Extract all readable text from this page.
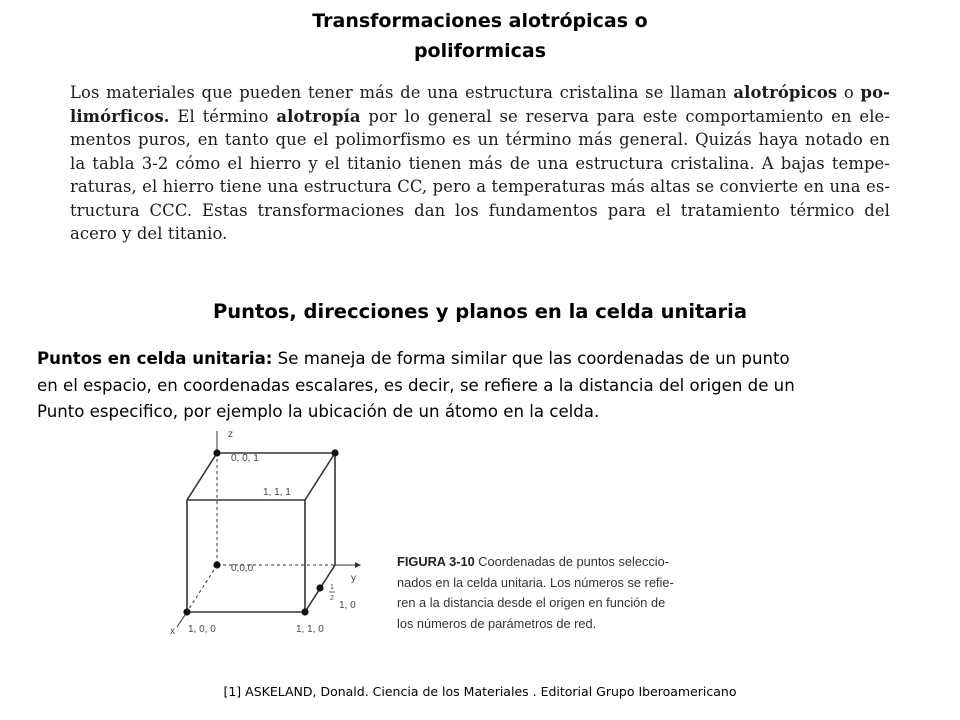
Transformaciones alotrópicas o
poliformicas
Los materiales que pueden tener más de una estructura cristalina se llaman alotrópicos o po-
limórficos. El término alotropía por lo general se reserva para este comportamiento en ele-
mentos puros, en tanto que el polimorfismo es un término más general. Quizás haya notado en
la tabla 3-2 cómo el hierro y el titanio tienen más de una estructura cristalina. A bajas tempe-
raturas, el hierro tiene una estructura CC, pero a temperaturas más altas se convierte en una es-
tructura CCC. Estas transformaciones dan los fundamentos para el tratamiento térmico del
acero y del titanio.
Puntos, direcciones y planos en la celda unitaria
Puntos en celda unitaria: Se maneja de forma similar que las coordenadas de un punto
en el espacio, en coordenadas escalares, es decir, se refiere a la distancia del origen de un
Punto especifico, por ejemplo la ubicación de un átomo en la celda.
z
y
x
0, 0, 1
1, 1, 1
0,0,0
1
2
1, 0
1, 0, 0	1, 1, 0
FIGURA 3-10 Coordenadas de puntos seleccio-
nados en la celda unitaria. Los números se refie-
ren a la distancia desde el origen en función de
los números de parámetros de red.
[1] ASKELAND, Donald. Ciencia de los Materiales . Editorial Grupo Iberoamericano
